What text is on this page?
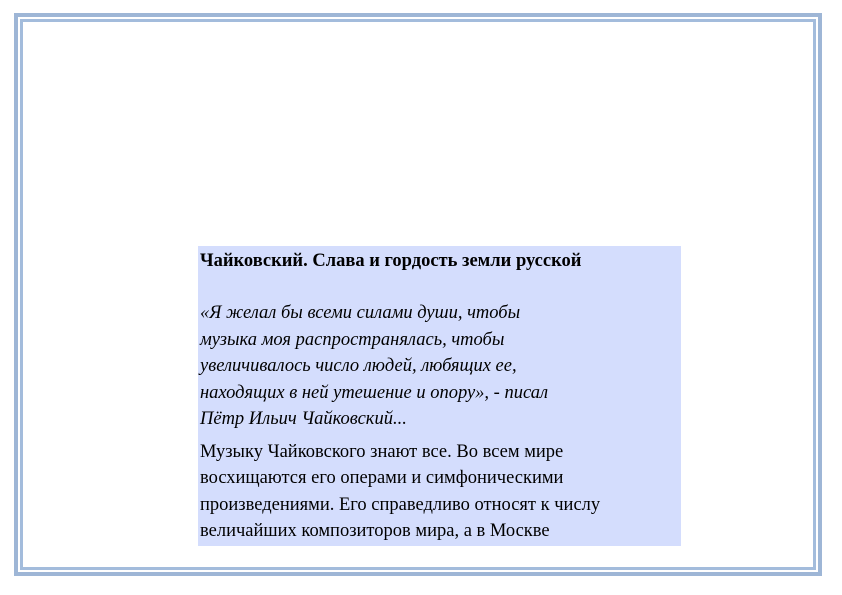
Чайковский. Слава и гордость земли русской

«Я желал бы всеми силами души, чтобы
музыка моя распространялась, чтобы
увеличивалось число людей, любящих ее,
находящих в ней утешение и опору», - писал
Пётр Ильич Чайковский...

Музыку Чайковского знают все. Во всем мире
восхищаются его операми и симфоническими
произведениями. Его справедливо относят к числу
величайших композиторов мира, а в Москве
